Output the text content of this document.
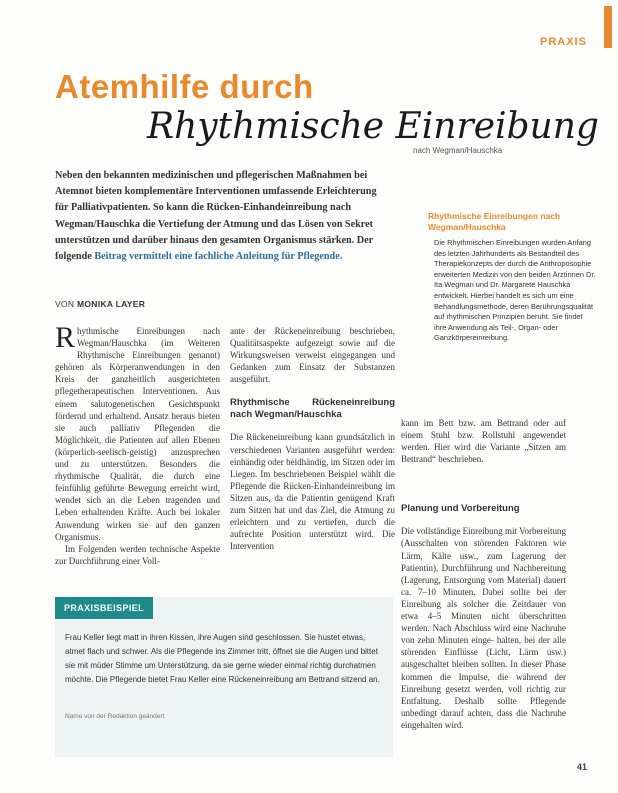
PRAXIS
Atemhilfe durch
Rhythmische Einreibung
nach Wegman/Hauschka

Neben den bekannten medizinischen und pflegerischen Maßnahmen bei Atemnot bieten komplementäre Interventionen umfassende Erleichterung für Palliativpatienten. So kann die Rücken-Einhandeinreibung nach Wegman/Hauschka die Vertiefung der Atmung und das Lösen von Sekret unterstützen und darüber hinaus den gesamten Organismus stärken. Der folgende Beitrag vermittelt eine fachliche Anleitung für Pflegende.

Rhythmische Einreibungen nach Wegman/Hauschka
Die Rhythmischen Einreibungen wurden Anfang des letzten Jahrhunderts als Bestandteil des Therapiekonzepts der durch die Anthroposophie erweiterten Medizin von den beiden Ärztinnen Dr. Ita Wegman und Dr. Margarete Hauschka entwickelt. Hierbei handelt es sich um eine Behandlungsmethode, deren Berührungsqualität auf rhythmischen Prinzipien beruht. Sie findet ihre Anwendung als Teil-, Organ- oder Ganzkörpereinreibung.
VON MONIKA LAYER

Rhythmische Einreibungen nach Wegman/Hauschka (im Weiteren Rhythmische Einreibungen genannt) gehören als Körperanwendungen in den Kreis der ganzheitlich ausgerichteten pflegetherapeutischen Interventionen. Aus einem salutogenetischen Gesichtspunkt fördernd und erhaltend. Ansatz heraus bieten sie auch palliativ Pflegenden die Möglichkeit, die Patienten auf allen Ebenen (körperlich-seelisch-geistig) anzusprechen und zu unterstützen. Besonders die rhythmische Qualität, die durch eine feinfühlig geführte Bewegung erreicht wird, wendet sich an die Leben tragenden und Leben erhaltenden Kräfte. Auch bei lokaler Anwendung wirken sie auf den ganzen Organismus.

Im Folgenden werden technische Aspekte zur Durchführung einer Voll-

ante der Rückeneinreibung beschrieben, Qualitätsaspekte aufgezeigt sowie auf die Wirkungsweisen verweist eingegangen und Gedanken zum Einsatz der Substanzen ausgeführt.

Rhythmische Rückeneinreibung nach Wegman/Hauschka

Die Rückeneinreibung kann grundsätzlich in verschiedenen Varianten ausgeführt werden: einhändig oder beidhändig, im Sitzen oder im Liegen. Im beschriebenen Beispiel wählt die Pflegende die Rücken-Einhandeinreibung im Sitzen aus, da die Patientin genügend Kraft zum Sitzen hat und das Ziel, die Atmung zu erleichtern und zu vertiefen, durch die aufrechte Position unterstützt wird. Die Intervention

kann im Bett bzw. am Bettrand oder auf einem Stuhl bzw. Rollstuhl angewendet werden. Hier wird die Variante „Sitzen am Bettrand“ beschrieben.

Planung und Vorbereitung

Die vollständige Einreibung mit Vorbereitung (Ausschalten von störenden Faktoren wie Lärm, Kälte usw., zum Lagerung der Patientin), Durchführung und Nachbereitung (Lagerung, Entsorgung vom Material) dauert ca. 7–10 Minuten. Dabei sollte bei der Einreibung als solcher die Zeitdauer von etwa 4–5 Minuten nicht überschritten werden. Nach Abschluss wird eine Nachruhe von zehn Minuten einge- halten, bei der alle störenden Einflüsse (Licht, Lärm usw.) ausgeschaltet bleiben sollten. In dieser Phase kommen die Impulse, die während der Einreibung gesetzt werden, voll richtig zur Entfaltung. Deshalb sollte Pflegende unbedingt darauf achten, dass die Nachruhe eingehalten wird.

PRAXISBEISPIEL

Frau Keller liegt matt in ihren Kissen, ihre Augen sind geschlossen. Sie hustet etwas, atmet flach und schwer. Als die Pflegende ins Zimmer tritt, öffnet sie die Augen und bittet sie mit müder Stimme um Unterstützung, da sie gerne wieder einmal richtig durchatmen möchte. Die Pflegende bietet Frau Keller eine Rückeneinreibung am Bettrand sitzend an.

Name von der Redaktion geändert
41
